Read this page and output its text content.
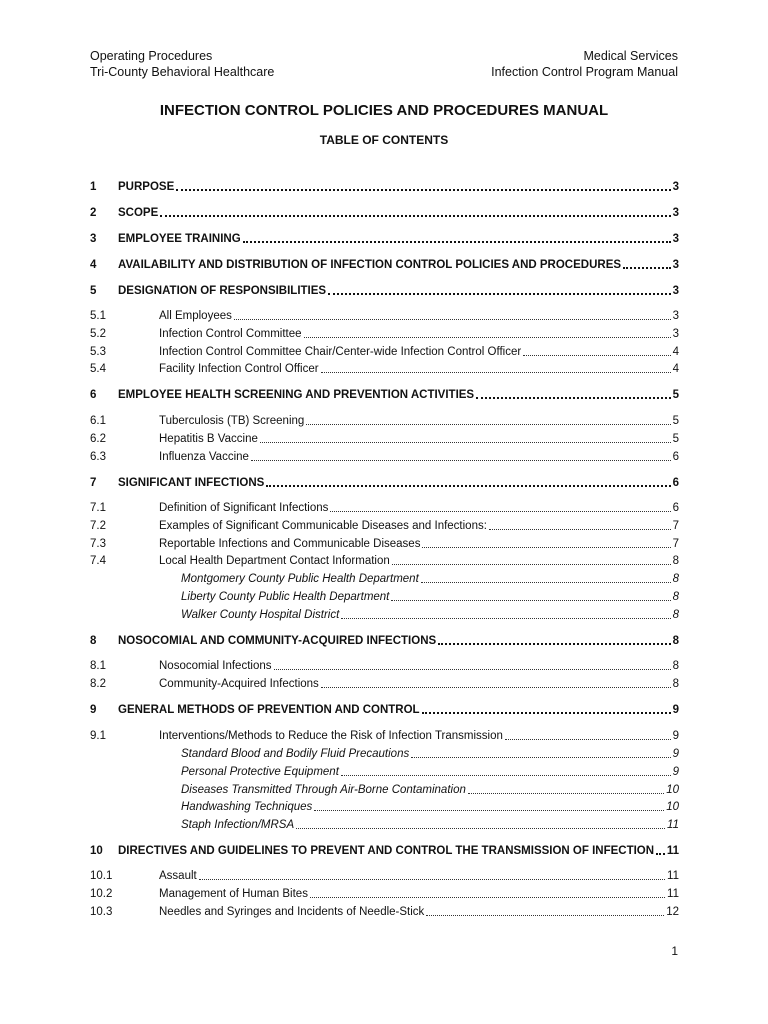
Operating Procedures
Tri-County Behavioral Healthcare
Medical Services
Infection Control Program Manual
INFECTION CONTROL POLICIES AND PROCEDURES MANUAL
TABLE OF CONTENTS
1	PURPOSE	3
2	SCOPE	3
3	EMPLOYEE TRAINING	3
4	AVAILABILITY AND DISTRIBUTION OF INFECTION CONTROL POLICIES AND PROCEDURES	3
5	DESIGNATION OF RESPONSIBILITIES	3
5.1	All Employees	3
5.2	Infection Control Committee	3
5.3	Infection Control Committee Chair/Center-wide Infection Control Officer	4
5.4	Facility Infection Control Officer	4
6	EMPLOYEE HEALTH SCREENING AND PREVENTION ACTIVITIES	5
6.1	Tuberculosis (TB) Screening	5
6.2	Hepatitis B Vaccine	5
6.3	Influenza Vaccine	6
7	SIGNIFICANT INFECTIONS	6
7.1	Definition of Significant Infections	6
7.2	Examples of Significant Communicable Diseases and Infections:	7
7.3	Reportable Infections and Communicable Diseases	7
7.4	Local Health Department Contact Information	8
Montgomery County Public Health Department	8
Liberty County Public Health Department	8
Walker County Hospital District	8
8	NOSOCOMIAL AND COMMUNITY-ACQUIRED INFECTIONS	8
8.1	Nosocomial Infections	8
8.2	Community-Acquired Infections	8
9	GENERAL METHODS OF PREVENTION AND CONTROL	9
9.1	Interventions/Methods to Reduce the Risk of Infection Transmission	9
Standard Blood and Bodily Fluid Precautions	9
Personal Protective Equipment	9
Diseases Transmitted Through Air-Borne Contamination	10
Handwashing Techniques	10
Staph Infection/MRSA	11
10	DIRECTIVES AND GUIDELINES TO PREVENT AND CONTROL THE TRANSMISSION OF INFECTION 11
10.1	Assault	11
10.2	Management of Human Bites	11
10.3	Needles and Syringes and Incidents of Needle-Stick	12
1
